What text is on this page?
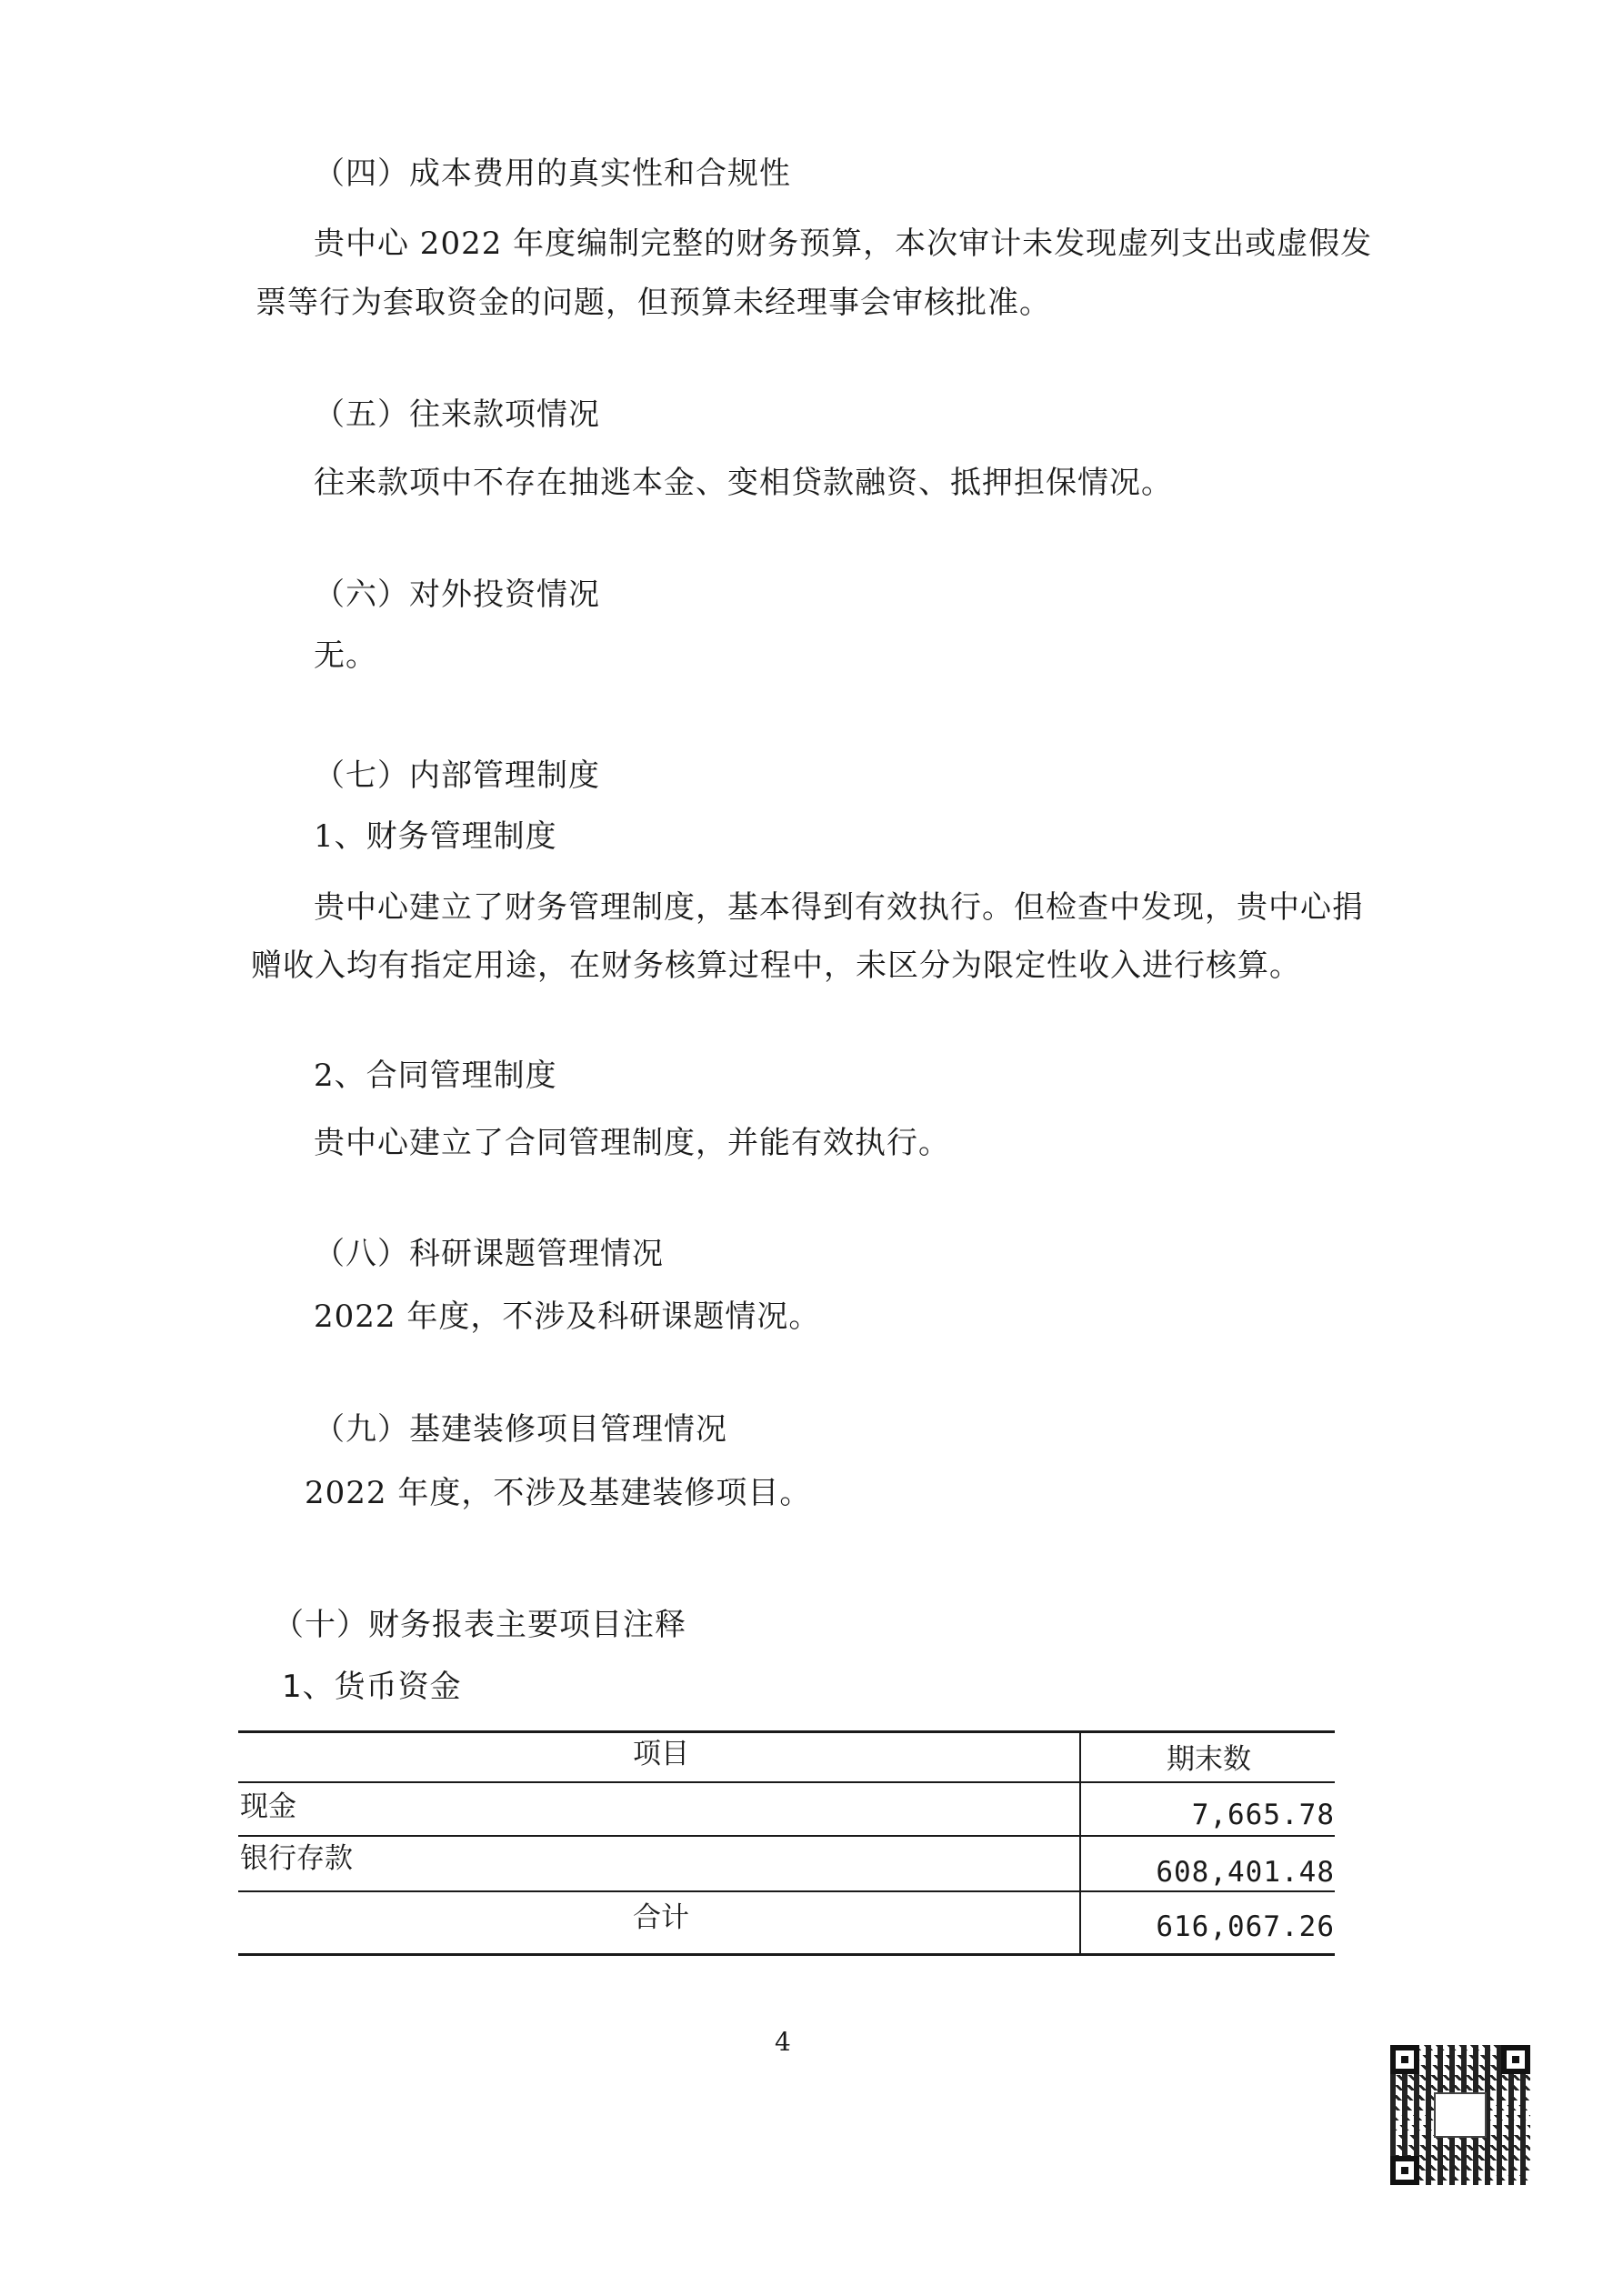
（四）成本费用的真实性和合规性

贵中心 2022 年度编制完整的财务预算，本次审计未发现虚列支出或虚假发

票等行为套取资金的问题，但预算未经理事会审核批准。

（五）往来款项情况

往来款项中不存在抽逃本金、变相贷款融资、抵押担保情况。

（六）对外投资情况

无。

（七）内部管理制度

1、财务管理制度

贵中心建立了财务管理制度，基本得到有效执行。但检查中发现，贵中心捐

赠收入均有指定用途，在财务核算过程中，未区分为限定性收入进行核算。

2、合同管理制度

贵中心建立了合同管理制度，并能有效执行。

（八）科研课题管理情况

2022 年度，不涉及科研课题情况。

（九）基建装修项目管理情况

2022 年度，不涉及基建装修项目。

（十）财务报表主要项目注释

1、货币资金

项目	期末数
现金	7,665.78
银行存款	608,401.48
合计	616,067.26
4
